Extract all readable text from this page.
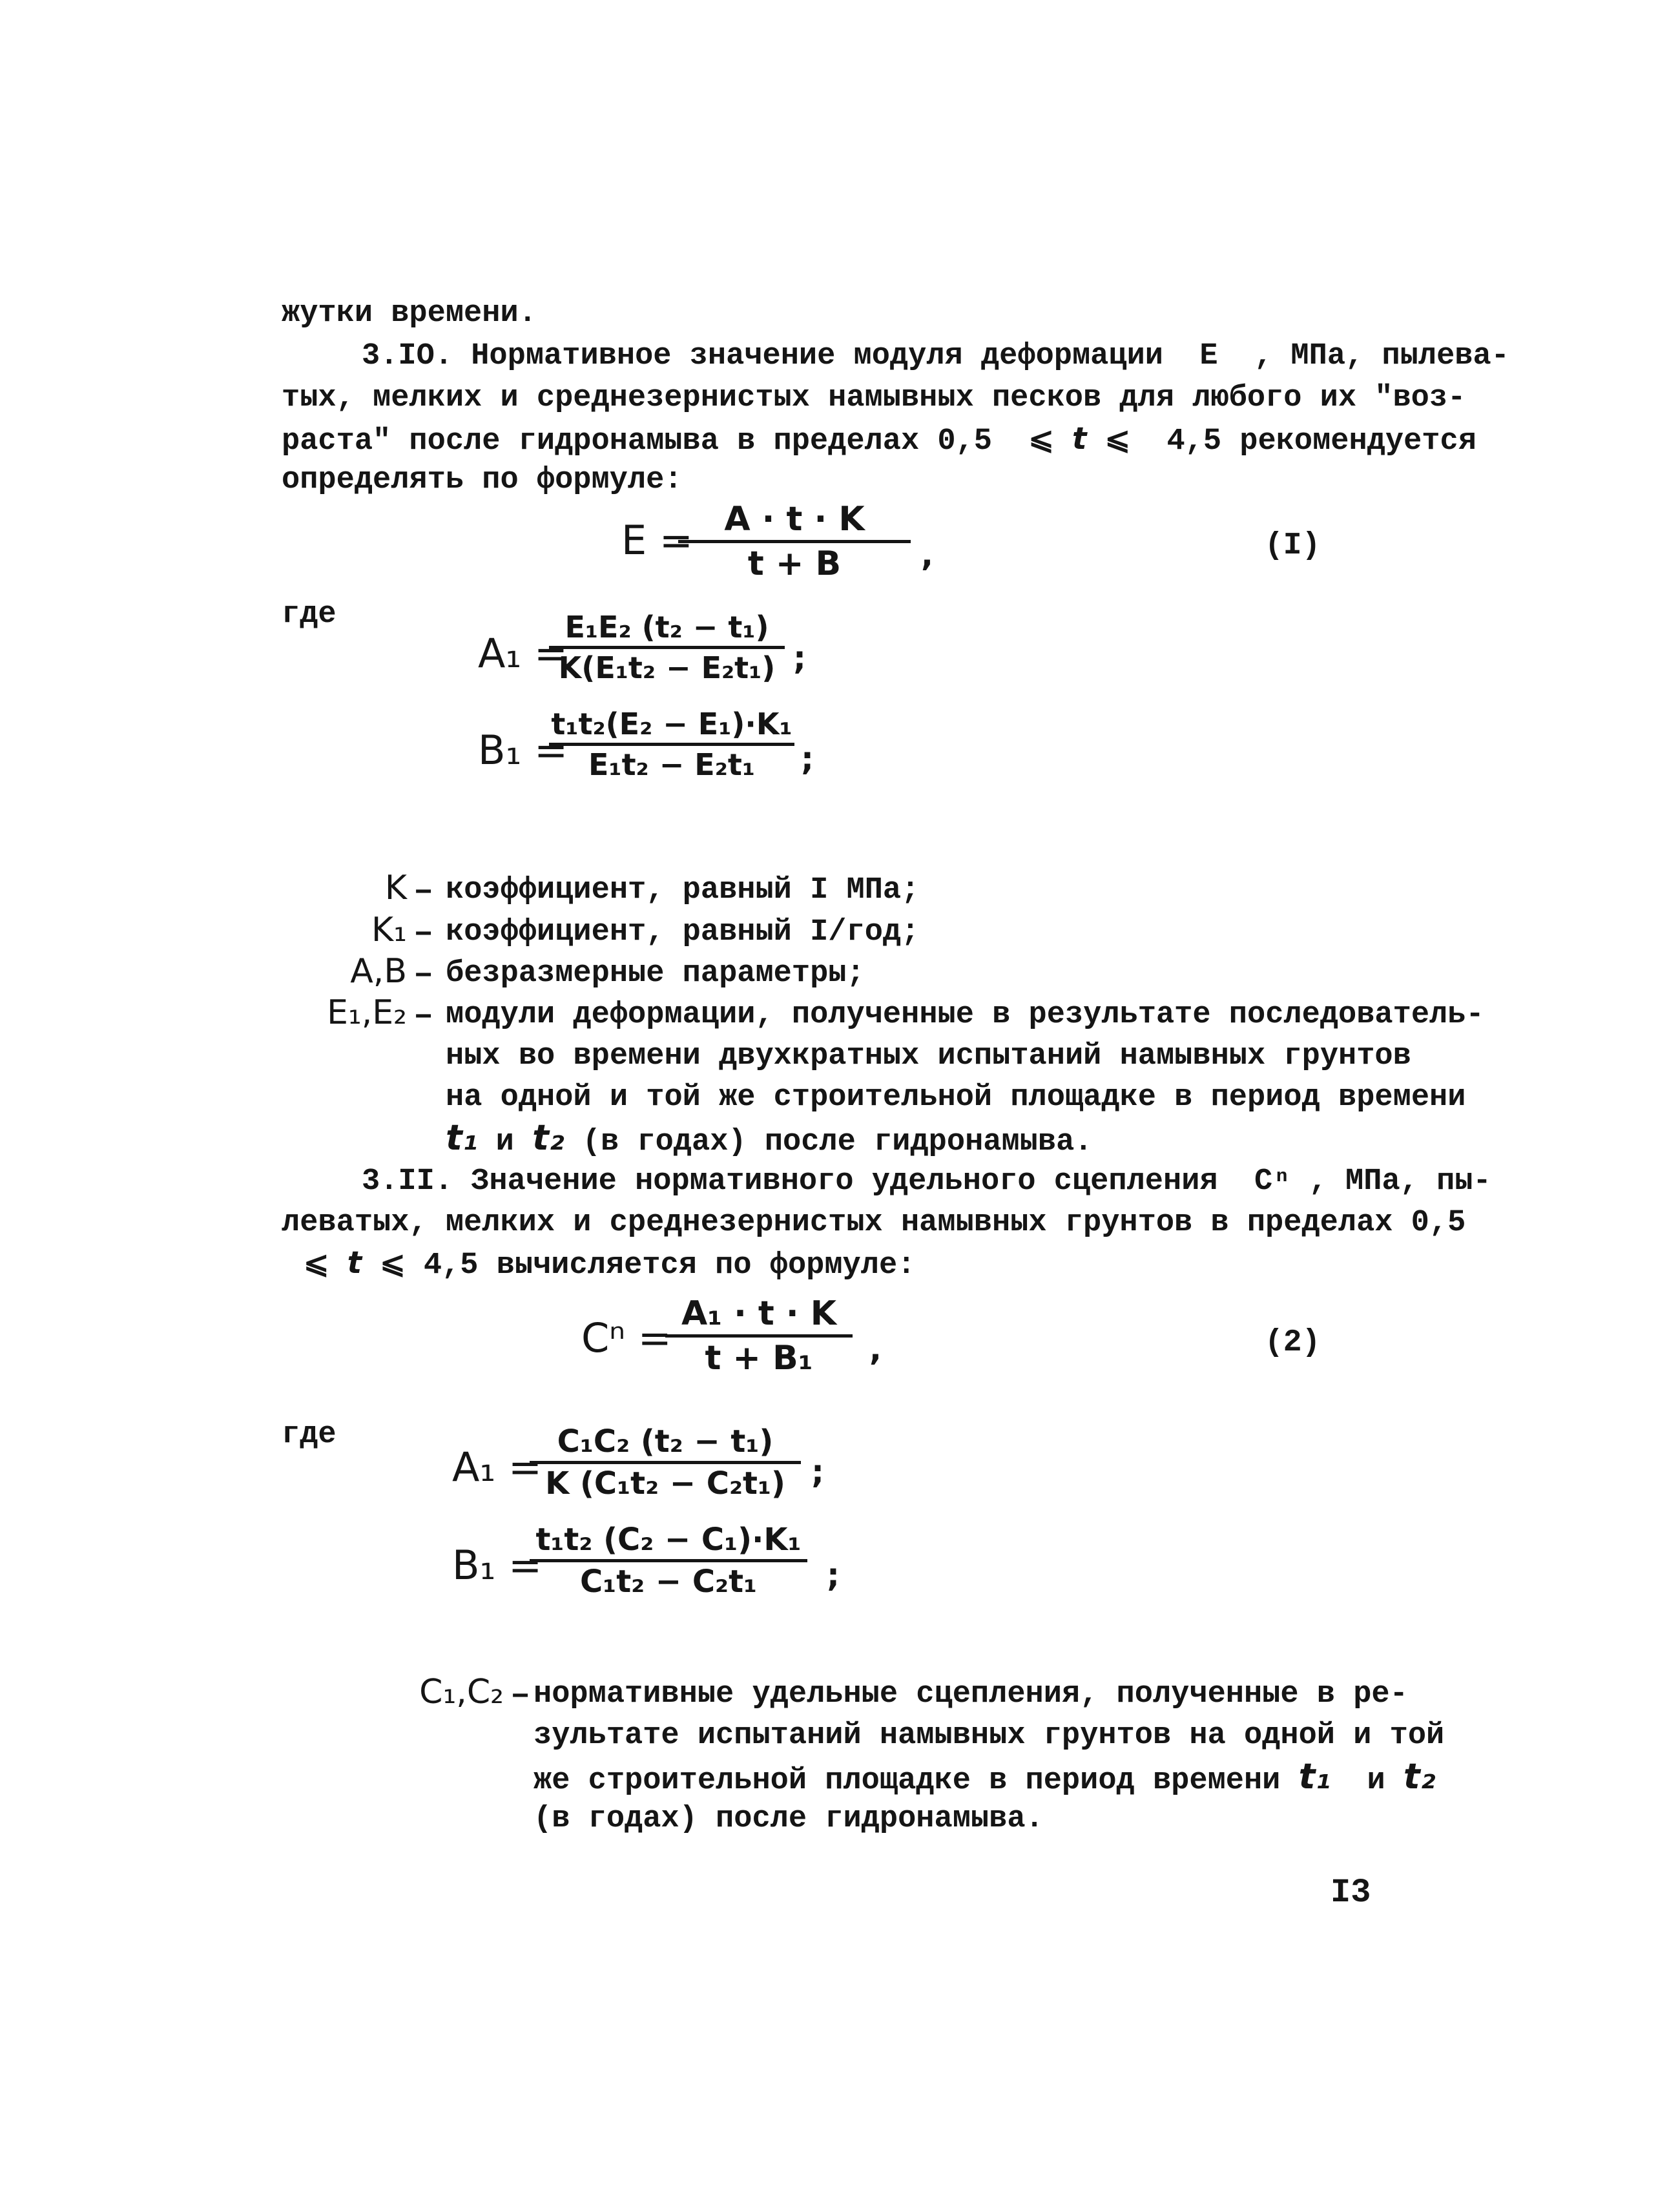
жутки времени.
3.IO. Нормативное значение модуля деформации  E  , МПа, пылева-
тых, мелких и среднезернистых намывных песков для любого их "воз-
раста" после гидронамыва в пределах 0,5  ⩽ t ⩽  4,5 рекомендуется
определять по формуле:
E = A · t · K
t + B ,	(I)
где
A₁ =
E₁E₂ (t₂ − t₁)
K(E₁t₂ − E₂t₁) ;
B₁ =
t₁t₂(E₂ − E₁)·K₁
E₁t₂ − E₂t₁ ;
K – коэффициент, равный I МПа;
K₁ – коэффициент, равный I/год;
A,B – безразмерные параметры;
E₁,E₂ – модули деформации, полученные в результате последователь-
ных во времени двухкратных испытаний намывных грунтов
на одной и той же строительной площадке в период времени
t₁ и t₂ (в годах) после гидронамыва.
3.II. Значение нормативного удельного сцепления  Cⁿ , МПа, пы-
леватых, мелких и среднезернистых намывных грунтов в пределах 0,5
⩽ t ⩽ 4,5 вычисляется по формуле:
Cⁿ =
A₁ · t · K
t + B₁ ,	(2)
где
A₁ =
C₁C₂ (t₂ − t₁)
K (C₁t₂ − C₂t₁) ;
B₁ =
t₁t₂ (C₂ − C₁)·K₁
C₁t₂ − C₂t₁ ;
C₁,C₂ – нормативные удельные сцепления, полученные в ре-
зультате испытаний намывных грунтов на одной и той
же строительной площадке в период времени t₁  и t₂
(в годах) после гидронамыва.
I3
